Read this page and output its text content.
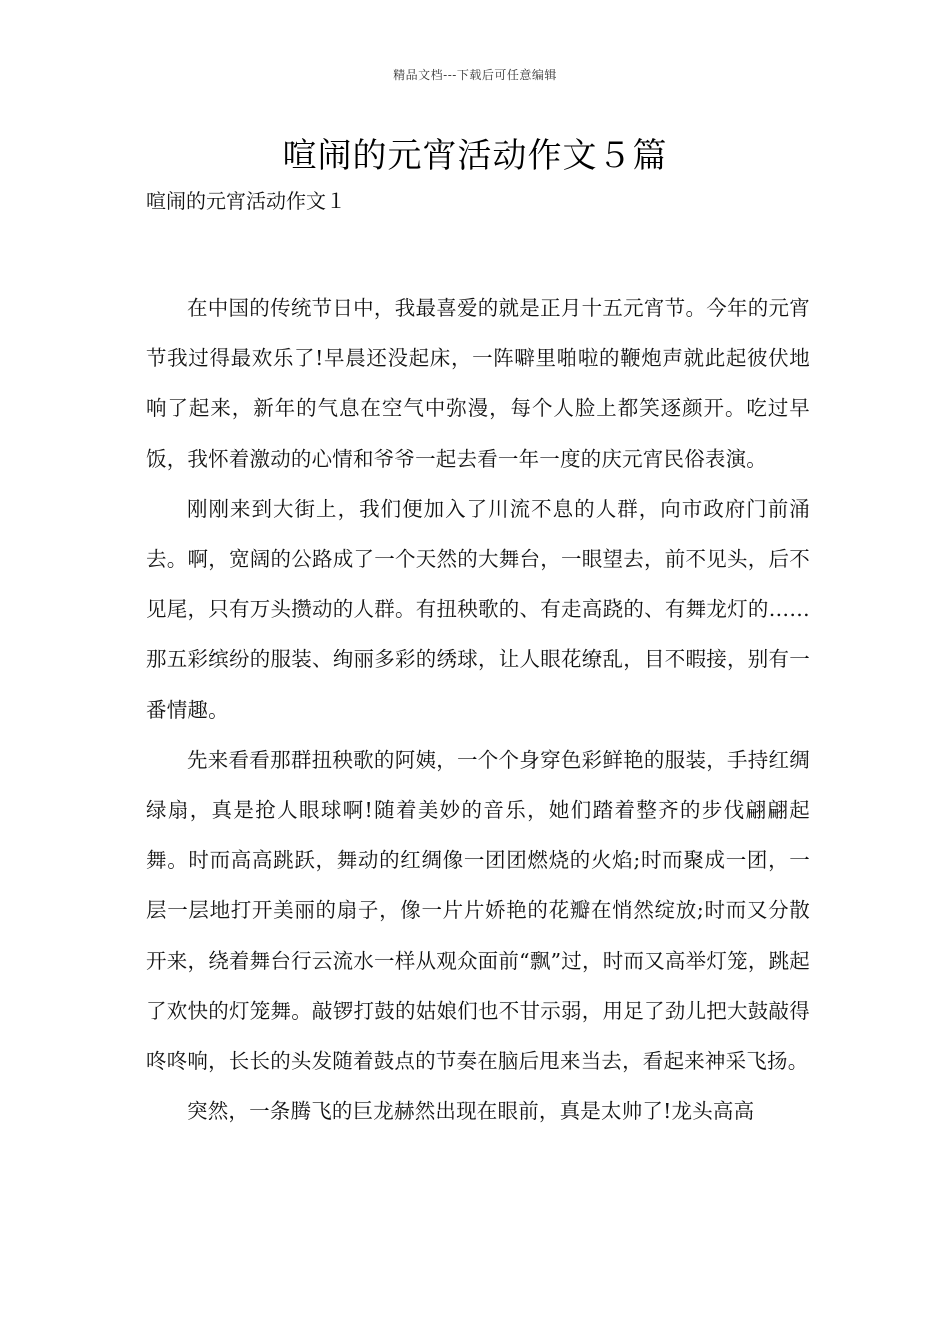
精品文档---下载后可任意编辑
喧闹的元宵活动作文５篇
喧闹的元宵活动作文１

在中国的传统节日中，我最喜爱的就是正月十五元宵节。今年的元宵节我过得最欢乐了!早晨还没起床，一阵噼里啪啦的鞭炮声就此起彼伏地响了起来，新年的气息在空气中弥漫，每个人脸上都笑逐颜开。吃过早饭，我怀着激动的心情和爷爷一起去看一年一度的庆元宵民俗表演。

刚刚来到大街上，我们便加入了川流不息的人群，向市政府门前涌去。啊，宽阔的公路成了一个天然的大舞台，一眼望去，前不见头，后不见尾，只有万头攒动的人群。有扭秧歌的、有走高跷的、有舞龙灯的……那五彩缤纷的服装、绚丽多彩的绣球，让人眼花缭乱，目不暇接，别有一番情趣。

先来看看那群扭秧歌的阿姨，一个个身穿色彩鲜艳的服装，手持红绸绿扇，真是抢人眼球啊!随着美妙的音乐，她们踏着整齐的步伐翩翩起舞。时而高高跳跃，舞动的红绸像一团团燃烧的火焰;时而聚成一团，一层一层地打开美丽的扇子，像一片片娇艳的花瓣在悄然绽放;时而又分散开来，绕着舞台行云流水一样从观众面前“飘”过，时而又高举灯笼，跳起了欢快的灯笼舞。敲锣打鼓的姑娘们也不甘示弱，用足了劲儿把大鼓敲得咚咚响，长长的头发随着鼓点的节奏在脑后甩来当去，看起来神采飞扬。

突然，一条腾飞的巨龙赫然出现在眼前，真是太帅了!龙头高高
